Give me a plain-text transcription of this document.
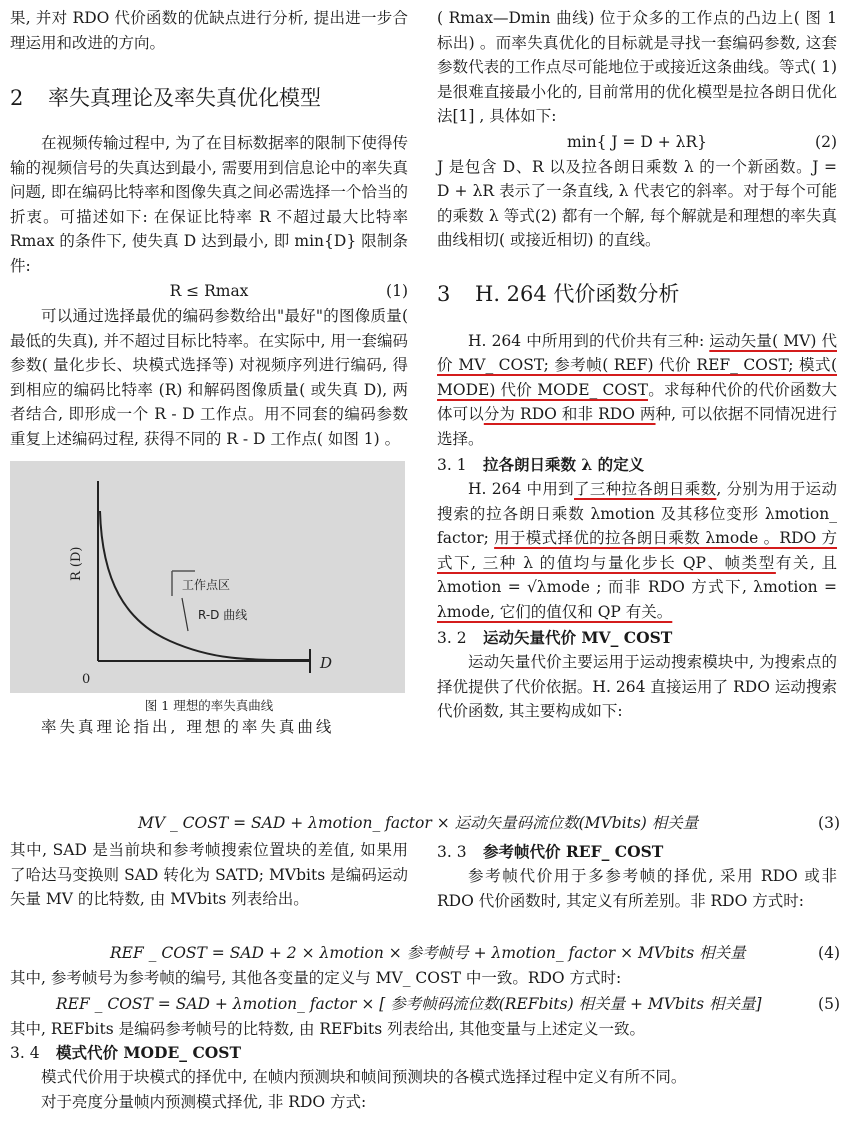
果, 并对 RDO 代价函数的优缺点进行分析, 提出进一步合理运用和改进的方向。

2 率失真理论及率失真优化模型

在视频传输过程中, 为了在目标数据率的限制下使得传输的视频信号的失真达到最小, 需要用到信息论中的率失真问题, 即在编码比特率和图像失真之间必需选择一个恰当的折衷。可描述如下: 在保证比特率 R 不超过最大比特率 Rmax 的条件下, 使失真 D 达到最小, 即 min{D} 限制条件:

R ≤ Rmax	(1)

可以通过选择最优的编码参数给出"最好"的图像质量( 最低的失真), 并不超过目标比特率。在实际中, 用一套编码参数( 量化步长、块模式选择等) 对视频序列进行编码, 得到相应的编码比特率 (R) 和解码图像质量( 或失真 D), 两者结合, 即形成一个 R - D 工作点。用不同套的编码参数重复上述编码过程, 获得不同的 R - D 工作点( 如图 1) 。

R (D)
D
0
工作点区
R-D 曲线
图 1 理想的率失真曲线

率失真理论指出, 理想的率失真曲线

( Rmax—Dmin 曲线) 位于众多的工作点的凸边上( 图 1 标出) 。而率失真优化的目标就是寻找一套编码参数, 这套参数代表的工作点尽可能地位于或接近这条曲线。等式( 1) 是很难直接最小化的, 目前常用的优化模型是拉各朗日优化法[1] , 具体如下:

min{ J = D + λR}	(2)

J 是包含 D、R 以及拉各朗日乘数 λ 的一个新函数。J = D + λR 表示了一条直线, λ 代表它的斜率。对于每个可能的乘数 λ 等式(2) 都有一个解, 每个解就是和理想的率失真曲线相切( 或接近相切) 的直线。

3 H. 264 代价函数分析

H. 264 中所用到的代价共有三种: 运动矢量( MV) 代价 MV_ COST; 参考帧( REF) 代价 REF_ COST; 模式( MODE) 代价 MODE_ COST。求每种代价的代价函数大体可以分为 RDO 和非 RDO 两种, 可以依据不同情况进行选择。

3. 1 拉各朗日乘数 λ 的定义

H. 264 中用到了三种拉各朗日乘数, 分别为用于运动搜索的拉各朗日乘数 λmotion 及其移位变形 λmotion_ factor; 用于模式择优的拉各朗日乘数 λmode 。RDO 方式下, 三种 λ 的值均与量化步长 QP、帧类型有关, 且 λmotion = √λmode ; 而非 RDO 方式下, λmotion = λmode, 它们的值仅和 QP 有关。

3. 2 运动矢量代价 MV_ COST

运动矢量代价主要运用于运动搜索模块中, 为搜索点的择优提供了代价依据。H. 264 直接运用了 RDO 运动搜索代价函数, 其主要构成如下:

MV _ COST = SAD + λmotion_ factor × 运动矢量码流位数(MVbits) 相关量	(3)

其中, SAD 是当前块和参考帧搜索位置块的差值, 如果用了哈达马变换则 SAD 转化为 SATD; MVbits 是编码运动矢量 MV 的比特数, 由 MVbits 列表给出。

3. 3 参考帧代价 REF_ COST

参考帧代价用于多参考帧的择优, 采用 RDO 或非 RDO 代价函数时, 其定义有所差别。非 RDO 方式时:

REF _ COST = SAD + 2 × λmotion × 参考帧号 + λmotion_ factor × MVbits 相关量	(4)

其中, 参考帧号为参考帧的编号, 其他各变量的定义与 MV_ COST 中一致。RDO 方式时:

REF _ COST = SAD + λmotion_ factor × [ 参考帧码流位数(REFbits) 相关量 + MVbits 相关量]	(5)

其中, REFbits 是编码参考帧号的比特数, 由 REFbits 列表给出, 其他变量与上述定义一致。

3. 4 模式代价 MODE_ COST

模式代价用于块模式的择优中, 在帧内预测块和帧间预测块的各模式选择过程中定义有所不同。

对于亮度分量帧内预测模式择优, 非 RDO 方式:
